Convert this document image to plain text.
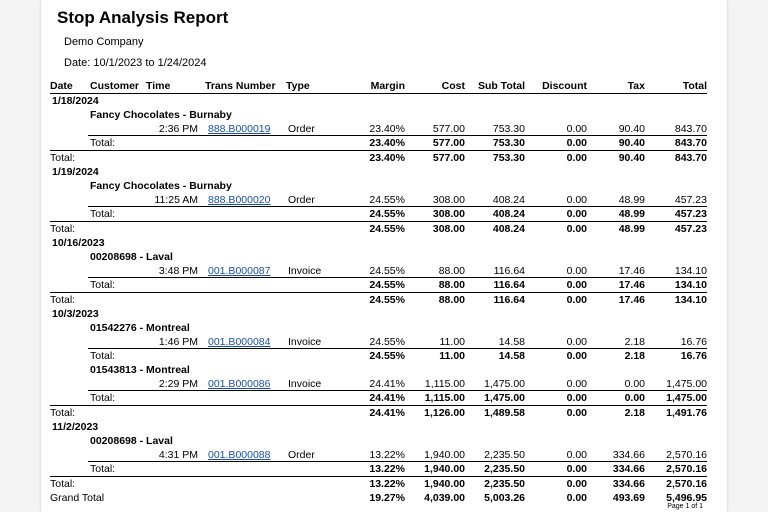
Stop Analysis Report
Demo Company
Date: 10/1/2023 to 1/24/2024
Date Customer Time	Trans Number Type	Margin	Cost	Sub Total	Discount	Tax	Total
1/18/2024
Fancy Chocolates - Burnaby
2:36 PM 888.B000019 Order	23.40%	577.00	753.30	0.00	90.40	843.70
Total:	23.40%	577.00	753.30	0.00	90.40	843.70
Total:	23.40%	577.00	753.30	0.00	90.40	843.70
1/19/2024
Fancy Chocolates - Burnaby
11:25 AM 888.B000020 Order	24.55%	308.00	408.24	0.00	48.99	457.23
Total:	24.55%	308.00	408.24	0.00	48.99	457.23
Total:	24.55%	308.00	408.24	0.00	48.99	457.23
10/16/2023
00208698 - Laval
3:48 PM 001.B000087 Invoice	24.55%	88.00	116.64	0.00	17.46	134.10
Total:	24.55%	88.00	116.64	0.00	17.46	134.10
Total:	24.55%	88.00	116.64	0.00	17.46	134.10
10/3/2023
01542276 - Montreal
1:46 PM 001.B000084 Invoice	24.55%	11.00	14.58	0.00	2.18	16.76
Total:	24.55%	11.00	14.58	0.00	2.18	16.76
01543813 - Montreal
2:29 PM 001.B000086 Invoice	24.41%	1,115.00	1,475.00	0.00	0.00	1,475.00
Total:	24.41%	1,115.00	1,475.00	0.00	0.00	1,475.00
Total:	24.41%	1,126.00	1,489.58	0.00	2.18	1,491.76
11/2/2023
00208698 - Laval
4:31 PM 001.B000088 Order	13.22%	1,940.00	2,235.50	0.00	334.66	2,570.16
Total:	13.22%	1,940.00	2,235.50	0.00	334.66	2,570.16
Total:	13.22%	1,940.00	2,235.50	0.00	334.66	2,570.16
Grand Total	19.27%	4,039.00	5,003.26	0.00	493.69	5,496.95
Page 1 of 1
